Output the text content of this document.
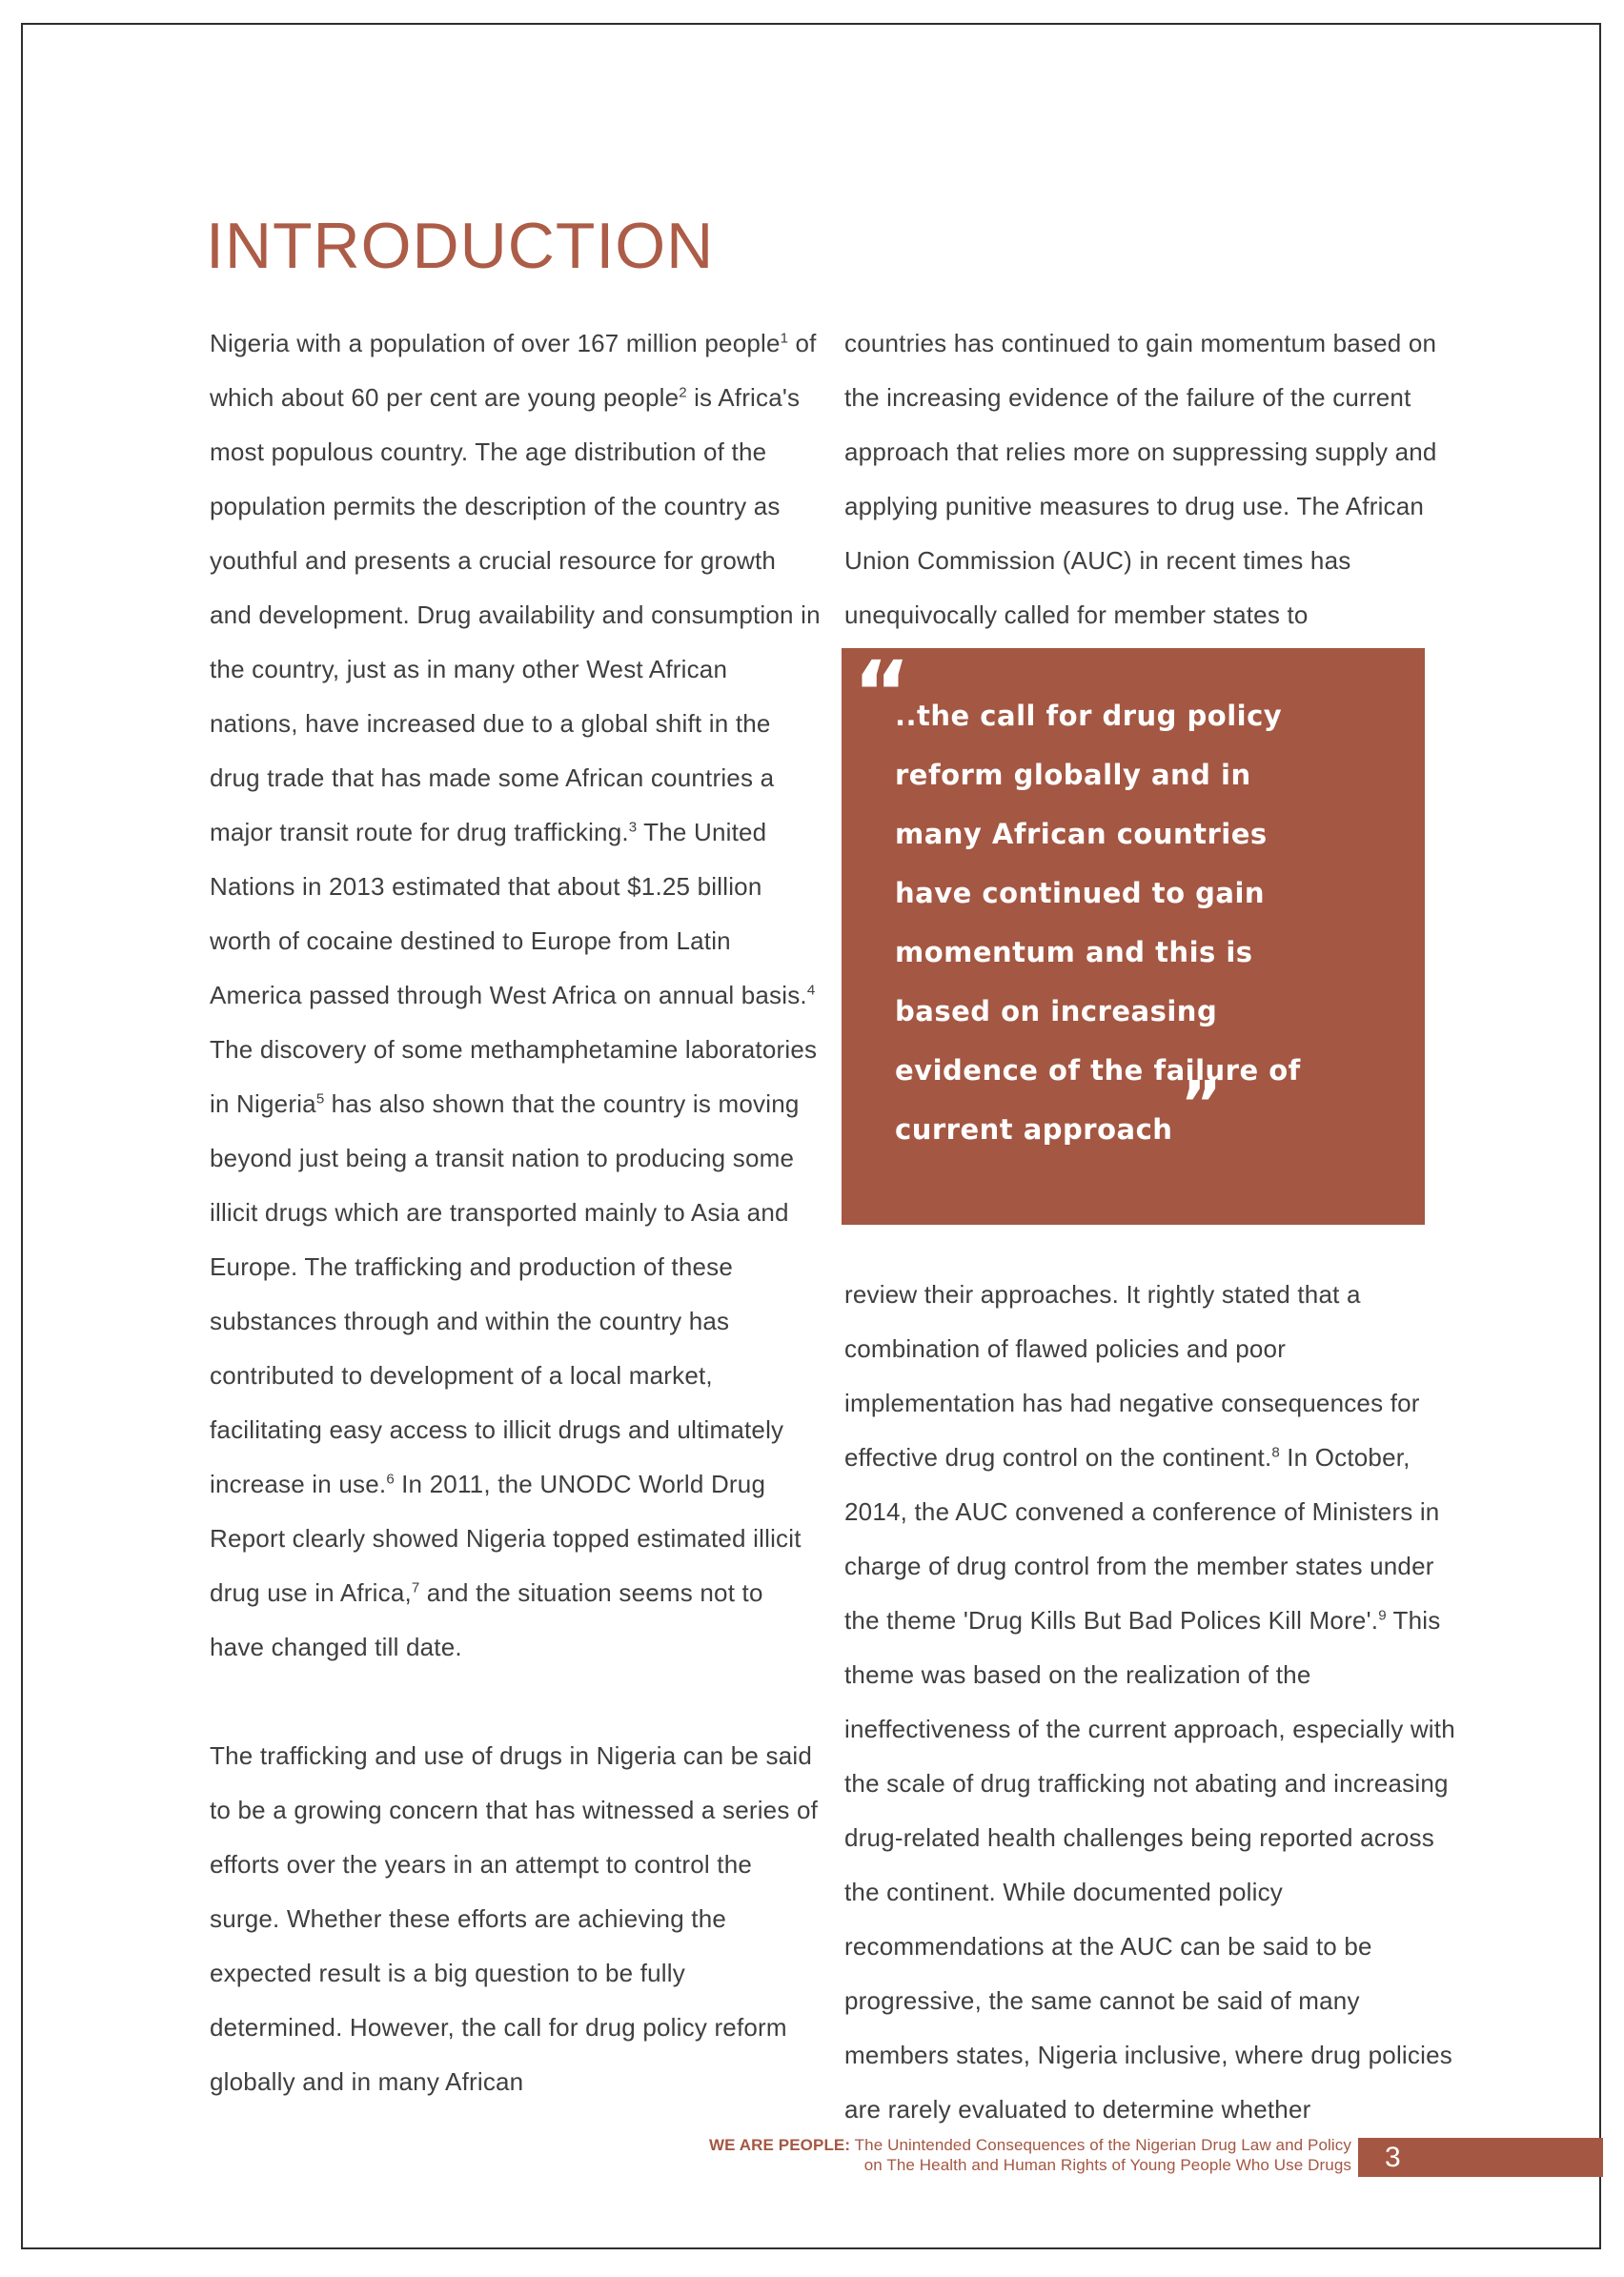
INTRODUCTION

Nigeria with a population of over 167 million people$^1$ of which about 60 per cent are young people$^2$ is Africa's most populous country. The age distribution of the population permits the description of the country as youthful and presents a crucial resource for growth and development. Drug availability and consumption in the country, just as in many other West African nations, have increased due to a global shift in the drug trade that has made some African countries a major transit route for drug trafficking.$^3$ The United Nations in 2013 estimated that about $1.25 billion worth of cocaine destined to Europe from Latin America passed through West Africa on annual basis.$^4$ The discovery of some methamphetamine laboratories in Nigeria$^5$ has also shown that the country is moving beyond just being a transit nation to producing some illicit drugs which are transported mainly to Asia and Europe. The trafficking and production of these substances through and within the country has contributed to development of a local market, facilitating easy access to illicit drugs and ultimately increase in use.$^6$ In 2011, the UNODC World Drug Report clearly showed Nigeria topped estimated illicit drug use in Africa,$^7$ and the situation seems not to have changed till date.

The trafficking and use of drugs in Nigeria can be said to be a growing concern that has witnessed a series of efforts over the years in an attempt to control the surge. Whether these efforts are achieving the expected result is a big question to be fully determined. However, the call for drug policy reform globally and in many African

countries has continued to gain momentum based on the increasing evidence of the failure of the current approach that relies more on suppressing supply and applying punitive measures to drug use. The African Union Commission (AUC) in recent times has unequivocally called for member states to

“
..the call for drug policy
reform globally and in
many African countries
have continued to gain
momentum and this is
based on increasing
evidence of the failure of
current approach ”

review their approaches. It rightly stated that a combination of flawed policies and poor implementation has had negative consequences for effective drug control on the continent.$^8$ In October, 2014, the AUC convened a conference of Ministers in charge of drug control from the member states under the theme 'Drug Kills But Bad Polices Kill More'.$^9$ This theme was based on the realization of the ineffectiveness of the current approach, especially with the scale of drug trafficking not abating and increasing drug-related health challenges being reported across the continent. While documented policy recommendations at the AUC can be said to be progressive, the same cannot be said of many members states, Nigeria inclusive, where drug policies are rarely evaluated to determine whether

WE ARE PEOPLE: The Unintended Consequences of the Nigerian Drug Law and Policy
on The Health and Human Rights of Young People Who Use Drugs 3
